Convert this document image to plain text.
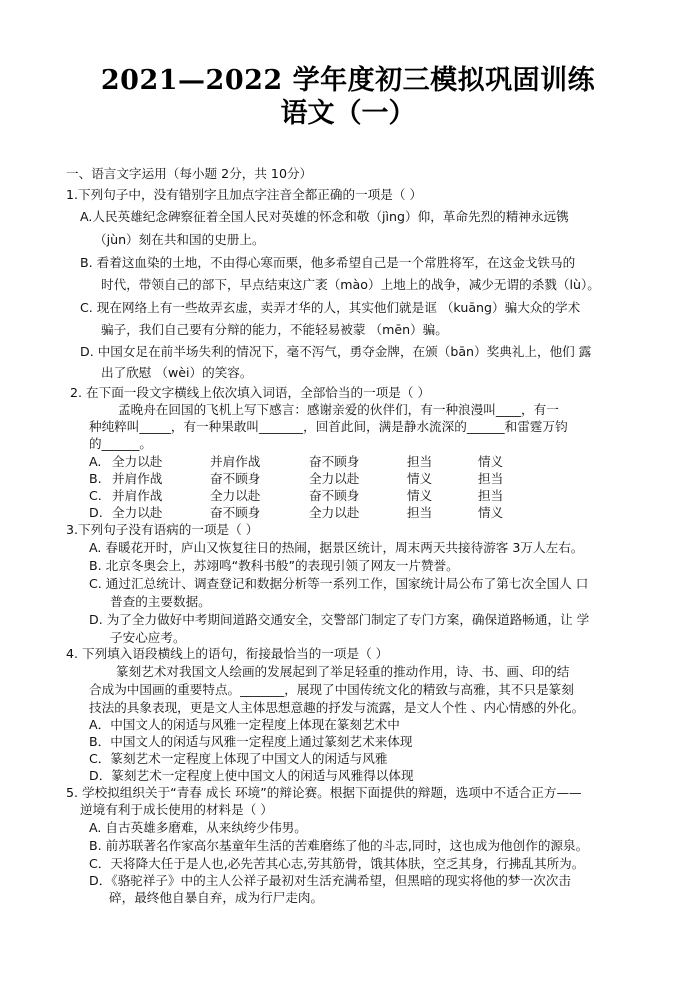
2021—2022 学年度初三模拟巩固训练
语文（一）
一、语言文字运用（每小题 2分，共 10分）
1.下列句子中，没有错别字且加点字注音全都正确的一项是（ ）
A.人民英雄纪念碑察征着全国人民对英雄的怀念和敬（jìng）仰，革命先烈的精神永远镌
（jùn）刻在共和国的史册上。
B. 看着这血染的土地，不由得心寒而栗，他多希望自己是一个常胜将军，在这金戈铁马的
时代，带领自己的部下，早点结束这广袤（mào）上地上的战争，减少无谓的杀戮（lù）。
C. 现在网络上有一些故弄玄虚，卖弄才华的人，其实他们就是诓 （kuāng）骗大众的学术
骗子，我们自己要有分辩的能力，不能轻易被蒙 （mēn）骗。
D. 中国女足在前半场失利的情况下，毫不泻气，勇夺金牌，在颁（bān）奖典礼上，他们 露
出了欣慰 （wèi）的笑容。
2. 在下面一段文字横线上依次填入词语，全部恰当的一项是（ ）
孟晚舟在回国的飞机上写下感言：感谢亲爱的伙伴们，有一种浪漫叫____，有一
种纯粹叫_____，有一种果敢叫_______，回首此间，满是静水流深的______和雷霆万钧
的______。
A. 全力以赴	并肩作战	奋不顾身	担当	情义
B. 并肩作战	奋不顾身	全力以赴	情义	担当
C. 并肩作战	全力以赴	奋不顾身	情义	担当
D. 全力以赴	奋不顾身	全力以赴	担当	情义
3.下列句子没有语病的一项是（ ）
A. 春暖花开时，庐山又恢复往日的热闹，据景区统计，周末两天共接待游客 3万人左右。
B. 北京冬奥会上，苏翊鸣“教科书般”的表现引领了网友一片赞誉。
C. 通过汇总统计、调查登记和数据分析等一系列工作，国家统计局公布了第七次全国人 口
普查的主要数据。
D. 为了全力做好中考期间道路交通安全，交警部门制定了专门方案，确保道路畅通，让 学
子安心应考。
4. 下列填入语段横线上的语句，衔接最恰当的一项是（ ）
篆刻艺术对我国文人绘画的发展起到了举足轻重的推动作用，诗、书、画、印的结
合成为中国画的重要特点。_______，展现了中国传统文化的精致与高雅，其不只是篆刻
技法的具象表现，更是文人主体思想意趣的抒发与流露，是文人个性 、内心情感的外化。
A．中国文人的闲适与风雅一定程度上体现在篆刻艺术中
B．中国文人的闲适与风雅一定程度上通过篆刻艺术来体现
C．篆刻艺术一定程度上体现了中国文人的闲适与风雅
D．篆刻艺术一定程度上使中国文人的闲适与风雅得以体现
5. 学校拟组织关于“青春 成长 环境”的辩论赛。根据下面提供的辩题，选项中不适合正方——
逆境有利于成长使用的材料是（ ）
A. 自古英雄多磨难，从来纨绔少伟男。
B. 前苏联著名作家高尔基童年生活的苦难磨练了他的斗志,同时，这也成为他创作的源泉。
C．天将降大任于是人也,必先苦其心志,劳其筋骨，饿其体肤，空乏其身，行拂乱其所为。
D．《骆驼祥子》中的主人公祥子最初对生活充满希望，但黑暗的现实将他的梦一次次击
碎，最终他自暴自弃，成为行尸走肉。
